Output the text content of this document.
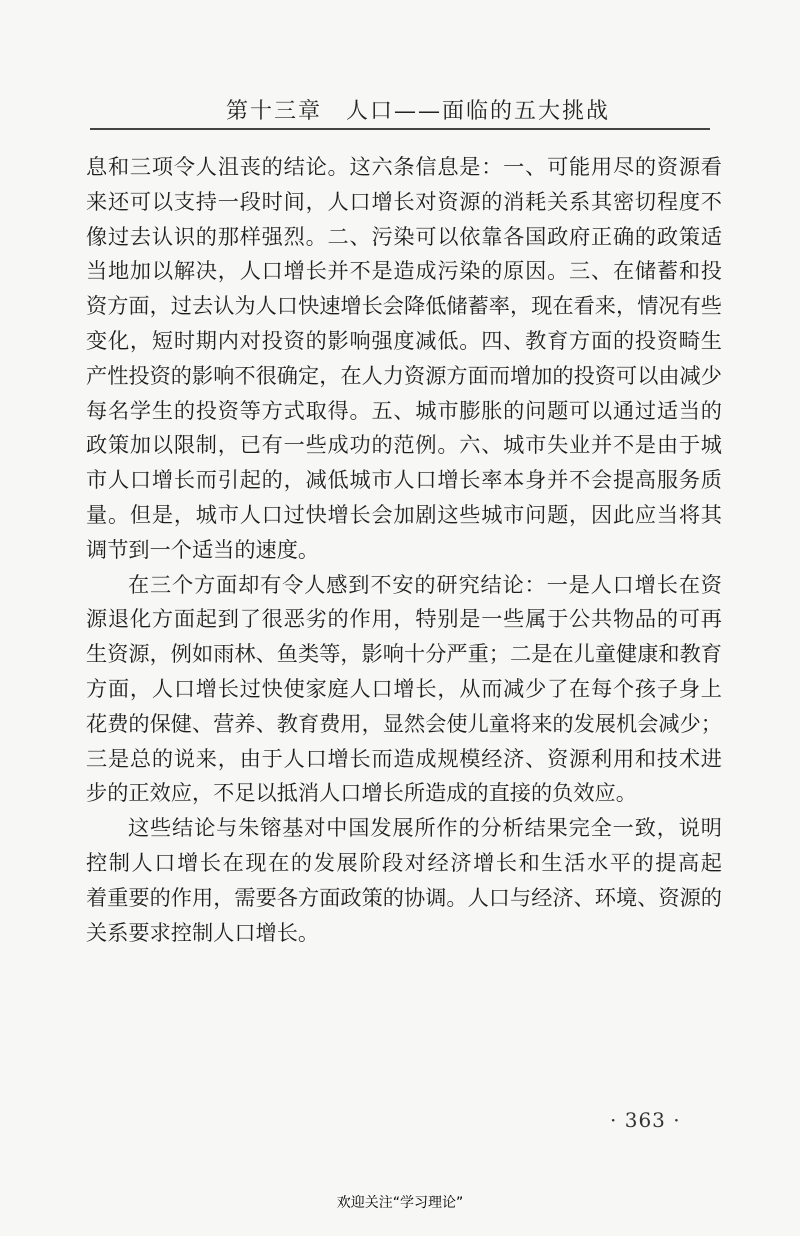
第十三章　人口——面临的五大挑战
息和三项令人沮丧的结论。这六条信息是：一、可能用尽的资源看
来还可以支持一段时间，人口增长对资源的消耗关系其密切程度不
像过去认识的那样强烈。二、污染可以依靠各国政府正确的政策适
当地加以解决，人口增长并不是造成污染的原因。三、在储蓄和投
资方面，过去认为人口快速增长会降低储蓄率，现在看来，情况有些
变化，短时期内对投资的影响强度减低。四、教育方面的投资畸生
产性投资的影响不很确定，在人力资源方面而增加的投资可以由减少
每名学生的投资等方式取得。五、城市膨胀的问题可以通过适当的
政策加以限制，已有一些成功的范例。六、城市失业并不是由于城
市人口增长而引起的，减低城市人口增长率本身并不会提高服务质
量。但是，城市人口过快增长会加剧这些城市问题，因此应当将其
调节到一个适当的速度。
在三个方面却有令人感到不安的研究结论：一是人口增长在资
源退化方面起到了很恶劣的作用，特别是一些属于公共物品的可再
生资源，例如雨林、鱼类等，影响十分严重；二是在儿童健康和教育
方面，人口增长过快使家庭人口增长，从而减少了在每个孩子身上
花费的保健、营养、教育费用，显然会使儿童将来的发展机会减少；
三是总的说来，由于人口增长而造成规模经济、资源利用和技术进
步的正效应，不足以抵消人口增长所造成的直接的负效应。
这些结论与朱镕基对中国发展所作的分析结果完全一致，说明
控制人口增长在现在的发展阶段对经济增长和生活水平的提高起
着重要的作用，需要各方面政策的协调。人口与经济、环境、资源的
关系要求控制人口增长。
· 363 ·
欢迎关注“学习理论”
